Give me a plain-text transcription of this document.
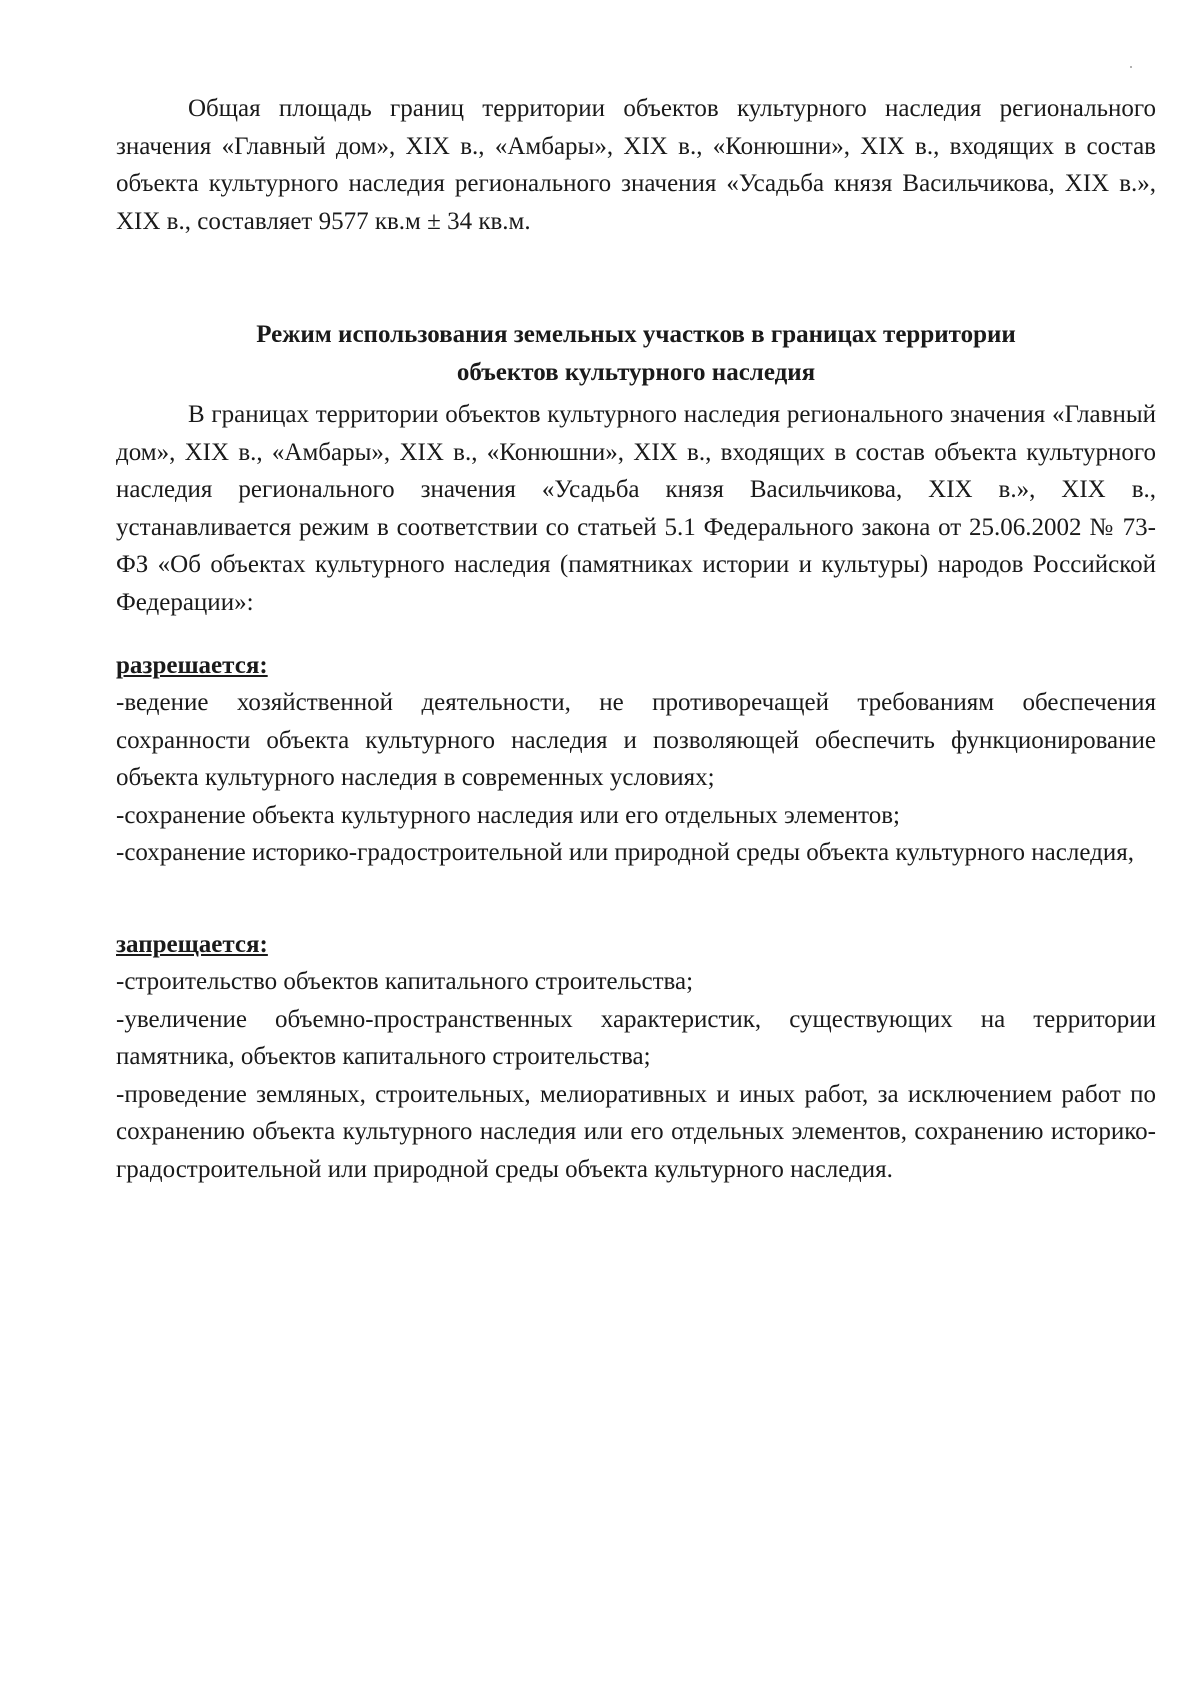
Общая площадь границ территории объектов культурного наследия регионального значения «Главный дом», XIX в., «Амбары», XIX в., «Конюшни», XIX в., входящих в состав объекта культурного наследия регионального значения «Усадьба князя Васильчикова, XIX в.», XIX в., составляет 9577 кв.м ± 34 кв.м.

Режим использования земельных участков в границах территории
объектов культурного наследия

В границах территории объектов культурного наследия регионального значения «Главный дом», XIX в., «Амбары», XIX в., «Конюшни», XIX в., входящих в состав объекта культурного наследия регионального значения «Усадьба князя Васильчикова, XIX в.», XIX в., устанавливается режим в соответствии со статьей 5.1 Федерального закона от 25.06.2002 № 73-ФЗ «Об объектах культурного наследия (памятниках истории и культуры) народов Российской Федерации»:

разрешается:

-ведение хозяйственной деятельности, не противоречащей требованиям обеспечения сохранности объекта культурного наследия и позволяющей обеспечить функционирование объекта культурного наследия в современных условиях;
-сохранение объекта культурного наследия или его отдельных элементов;
-сохранение историко-градостроительной или природной среды объекта культурного наследия,

запрещается:

-строительство объектов капитального строительства;
-увеличение объемно-пространственных характеристик, существующих на территории памятника, объектов капитального строительства;
-проведение земляных, строительных, мелиоративных и иных работ, за исключением работ по сохранению объекта культурного наследия или его отдельных элементов, сохранению историко-градостроительной или природной среды объекта культурного наследия.
